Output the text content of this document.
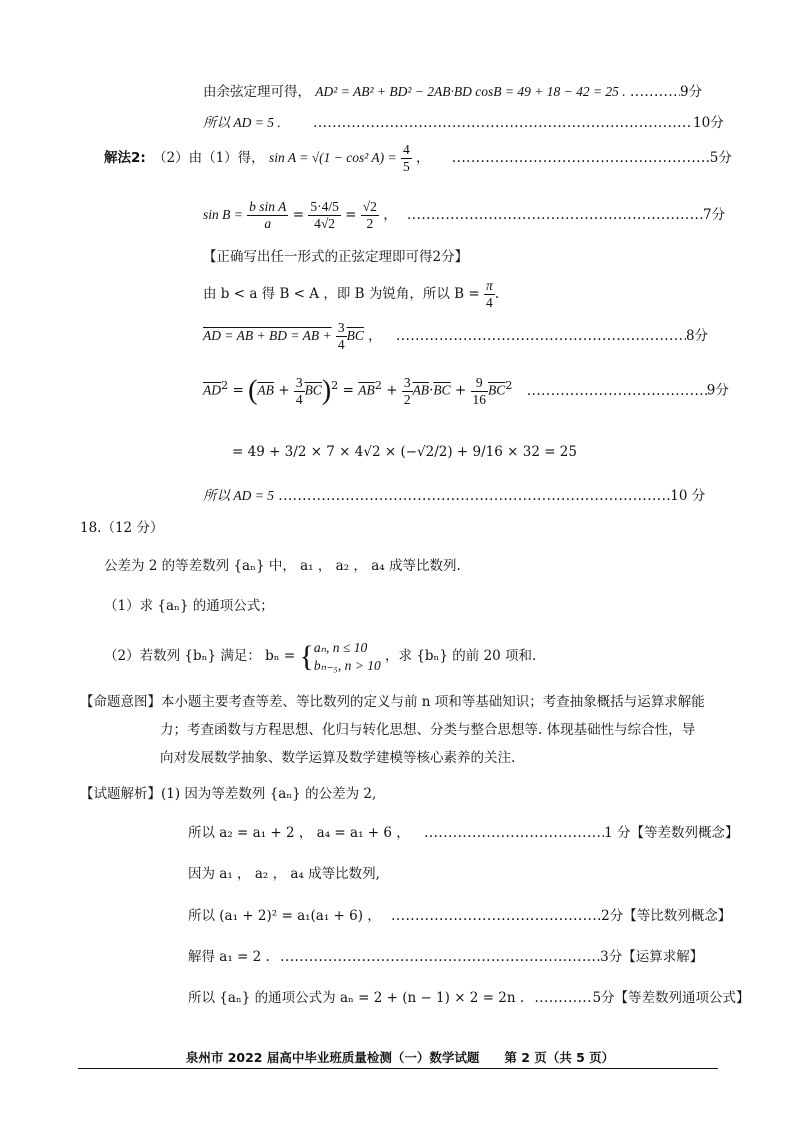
由余弦定理可得， AD² = AB² + BD² − 2AB·BD cosB = 49 + 18 − 42 = 25 . .....	9分
所以 AD = 5 . .....	10分
解法2: （2）由（1）得， sin A = √(1 − cos² $A) = \frac{4}{5}$ ， .....	5分
$\sin B = \frac{\text{b sin A}}{a} = \frac{5\cdot 4/5}{4√2} = \frac{√2}{2}$ ， .....	7分
【正确写出任一形式的正弦定理即可得2分】
由 b < a 得 B < A ，即 B 为锐角，所以 $B = \frac{\pi}{4}$ .
AD = AB + BD = AB + $\frac{3}{4} \overline{BC}$ ， .....	8分
$\overline{AD}^2 = (\overline{AB} + \frac{3}{4} \overline{BC})^2 = \overline{AB}^2 + \frac{3}{2} \overline{AB}\cdot\overline{BC} + \frac{9}{16} \overline{BC}^2$ .....	9分
= 49 + 3/2 × 7 × 4√2 × (−√2/2) + 9/16 × 32 = 25
所以 AD = 5 .....	10 分
18.（12 分）
公差为 2 的等差数列 {aₙ} 中， a₁ ， a₂ ， a₄ 成等比数列.
（1）求 {aₙ} 的通项公式；
（2）若数列 {bₙ} 满足： bₙ = { aₙ, n ≤ 10
bₙ₋₅, n > 10
，求 {bₙ} 的前 20 项和.
【命题意图】本小题主要考查等差、等比数列的定义与前 n 项和等基础知识；考查抽象概括与运算求解能
力；考查函数与方程思想、化归与转化思想、分类与整合思想等. 体现基础性与综合性，导
向对发展数学抽象、数学运算及数学建模等核心素养的关注.
【试题解析】(1) 因为等差数列 {aₙ} 的公差为 2,
所以 a₂ = a₁ + 2 ， a₄ = a₁ + 6 ， .....	1 分【等差数列概念】
因为 a₁ ， a₂ ， a₄ 成等比数列,
所以 (a₁ + 2)² = a₁(a₁ + 6) ， .....	2分【等比数列概念】
解得 a₁ = 2 . .....	3分【运算求解】
所以 {aₙ} 的通项公式为 aₙ = 2 + (n − 1) × 2 = 2n . .....	5分【等差数列通项公式】
泉州市 2022 届高中毕业班质量检测（一）数学试题　　第 2 页（共 5 页）
